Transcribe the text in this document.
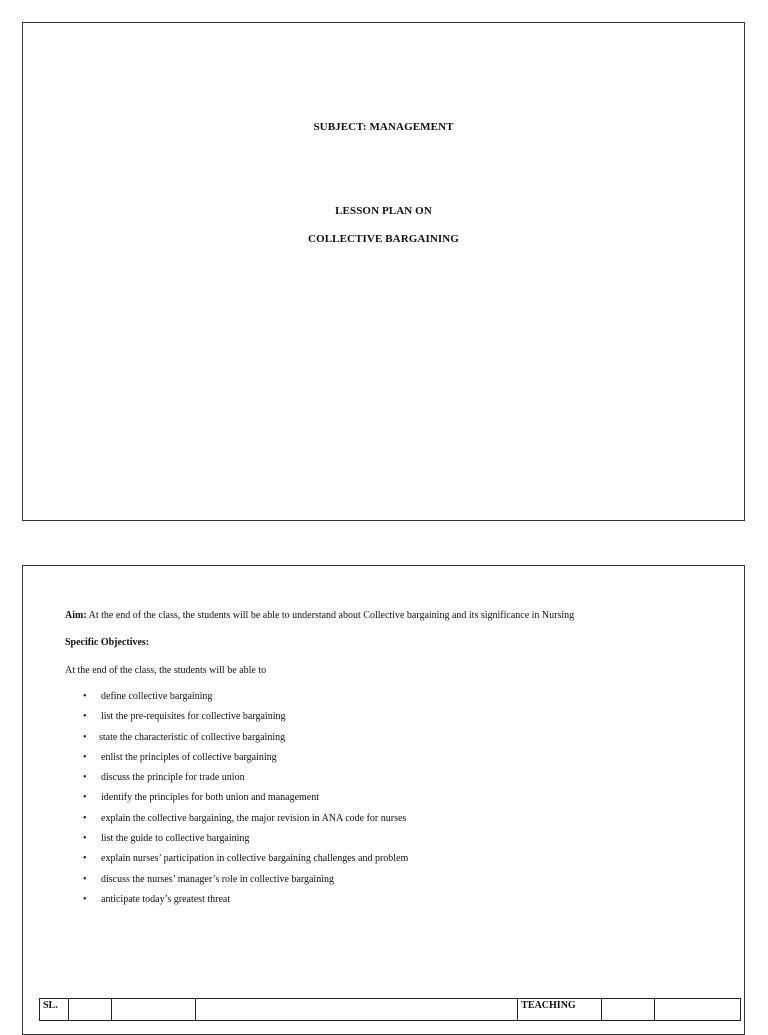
SUBJECT: MANAGEMENT
LESSON PLAN ON
COLLECTIVE BARGAINING
Aim: At the end of the class, the students will be able to understand about Collective bargaining and its significance in Nursing
Specific Objectives:
At the end of the class, the students will be able to
• define collective bargaining
• list the pre-requisites for collective bargaining
• state the characteristic of collective bargaining
• enlist the principles of collective bargaining
• discuss the principle for trade union
• identify the principles for both union and management
• explain the collective bargaining, the major revision in ANA code for nurses
• list the guide to collective bargaining
• explain nurses’ participation in collective bargaining challenges and problem
• discuss the nurses’ manager’s role in collective bargaining
• anticipate today’s greatest threat
SL.				TEACHING		
